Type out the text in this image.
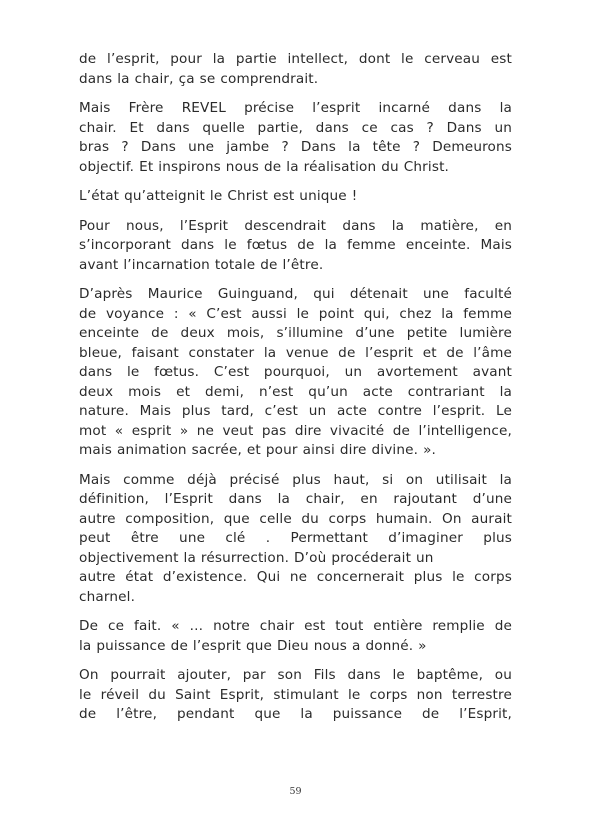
de l’esprit, pour la partie intellect, dont le cerveau est
dans la chair, ça se comprendrait.
Mais Frère REVEL précise l’esprit incarné dans la
chair. Et dans quelle partie, dans ce cas ? Dans un
bras ? Dans une jambe ? Dans la tête ? Demeurons
objectif. Et inspirons nous de la réalisation du Christ.
L’état qu’atteignit le Christ est unique !
Pour nous, l’Esprit descendrait dans la matière, en
s’incorporant dans le fœtus de la femme enceinte. Mais
avant l’incarnation totale de l’être.
D’après Maurice Guinguand, qui détenait une faculté
de voyance : « C’est aussi le point qui, chez la femme
enceinte de deux mois, s’illumine d’une petite lumière
bleue, faisant constater la venue de l’esprit et de l’âme
dans le fœtus. C’est pourquoi, un avortement avant
deux mois et demi, n’est qu’un acte contrariant la
nature. Mais plus tard, c’est un acte contre l’esprit. Le
mot « esprit » ne veut pas dire vivacité de l’intelligence,
mais animation sacrée, et pour ainsi dire divine. ».
Mais comme déjà précisé plus haut, si on utilisait la
définition, l’Esprit dans la chair, en rajoutant d’une
autre composition, que celle du corps humain. On aurait
peut être une clé . Permettant d’imaginer plus
objectivement la résurrection. D’où procéderait un
autre état d’existence. Qui ne concernerait plus le corps
charnel.
De ce fait. « … notre chair est tout entière remplie de
la puissance de l’esprit que Dieu nous a donné. »
On pourrait ajouter, par son Fils dans le baptême, ou
le réveil du Saint Esprit, stimulant le corps non terrestre
de l’être, pendant que la puissance de l’Esprit,
59
